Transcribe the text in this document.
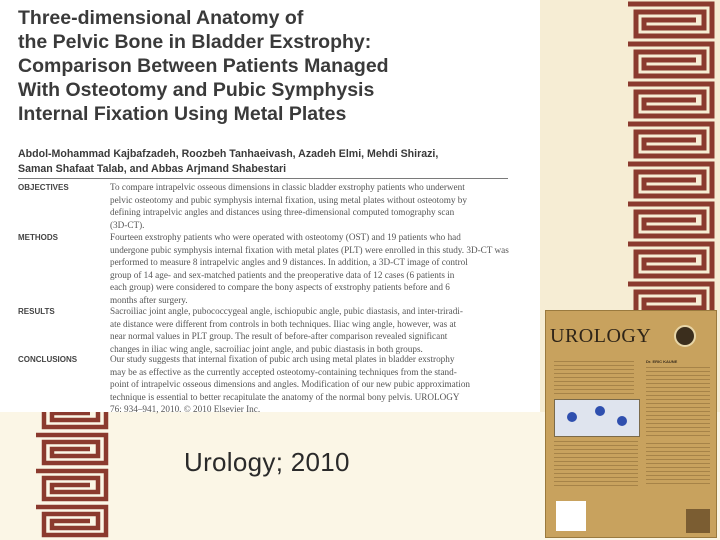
Three-dimensional Anatomy of
the Pelvic Bone in Bladder Exstrophy:
Comparison Between Patients Managed
With Osteotomy and Pubic Symphysis
Internal Fixation Using Metal Plates
Abdol-Mohammad Kajbafzadeh, Roozbeh Tanhaeivash, Azadeh Elmi, Mehdi Shirazi,
Saman Shafaat Talab, and Abbas Arjmand Shabestari
OBJECTIVES	To compare intrapelvic osseous dimensions in classic bladder exstrophy patients who underwent
pelvic osteotomy and pubic symphysis internal fixation, using metal plates without osteotomy by
defining intrapelvic angles and distances using three-dimensional computed tomography scan
(3D-CT).
METHODS	Fourteen exstrophy patients who were operated with osteotomy (OST) and 19 patients who had
undergone pubic symphysis internal fixation with metal plates (PLT) were enrolled in this study. 3D-CT was
performed to measure 8 intrapelvic angles and 9 distances. In addition, a 3D-CT image of control
group of 14 age- and sex-matched patients and the preoperative data of 12 cases (6 patients in
each group) were considered to compare the bony aspects of exstrophy patients before and 6
months after surgery.
RESULTS	Sacroiliac joint angle, pubococcygeal angle, ischiopubic angle, pubic diastasis, and inter-triradi-
ate distance were different from controls in both techniques. Iliac wing angle, however, was at
near normal values in PLT group. The result of before-after comparison revealed significant
changes in iliac wing angle, sacroiliac joint angle, and pubic diastasis in both groups.
CONCLUSIONS	Our study suggests that internal fixation of pubic arch using metal plates in bladder exstrophy
may be as effective as the currently accepted osteotomy-containing techniques from the stand-
point of intrapelvic osseous dimensions and angles. Modification of our new pubic approximation
technique is essential to better recapitulate the anatomy of the normal bony pelvis. UROLOGY
76: 934–941, 2010. © 2010 Elsevier Inc.
UROLOGY
Dr. ERIC KAUNE
Urology; 2010
